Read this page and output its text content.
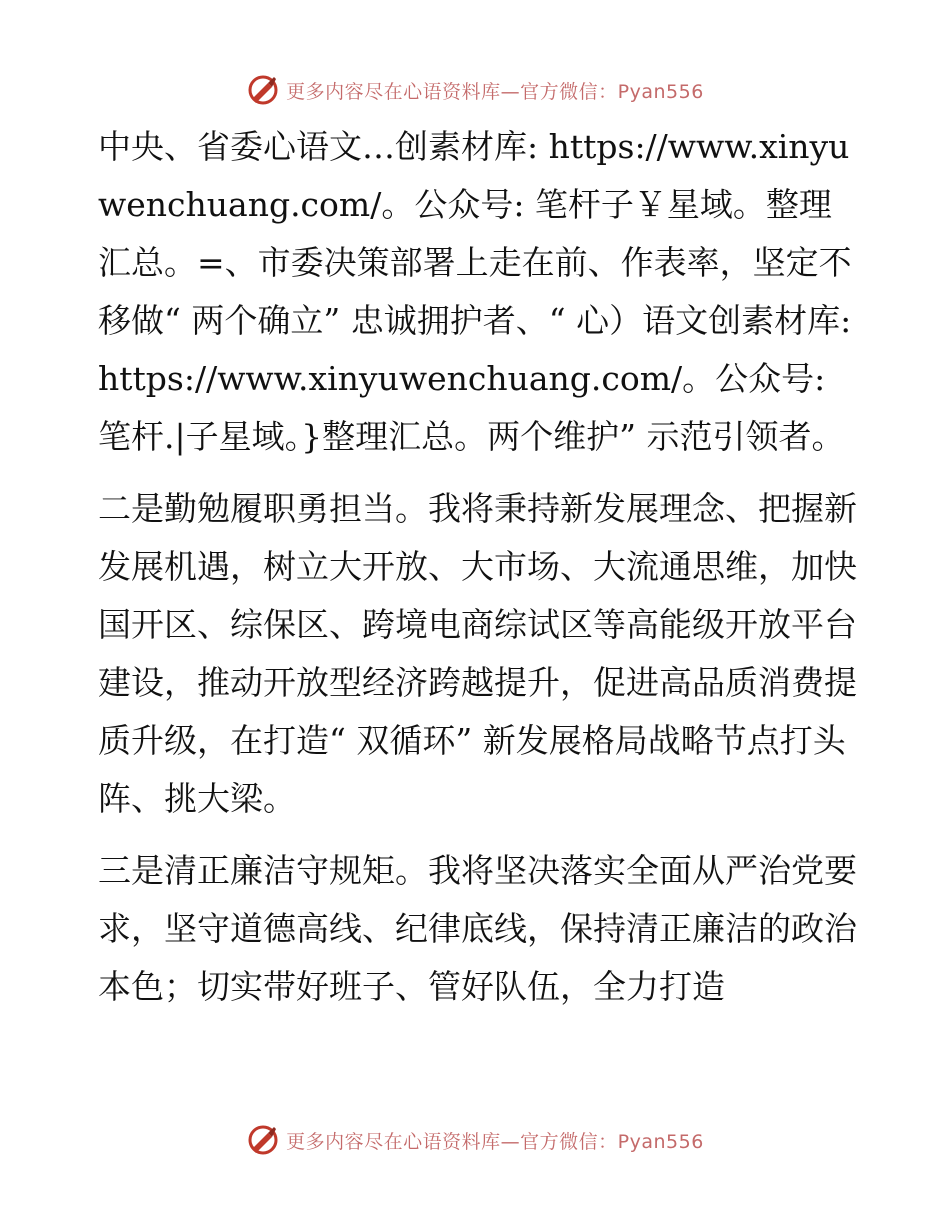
更多内容尽在心语资料库—官方微信：Pyan556

中央、省委心语文…创素材库: https://www.xinyuwenchuang.com/。公众号: 笔杆子￥星域。整理汇总。=、市委决策部署上走在前、作表率，坚定不移做“ 两个确立” 忠诚拥护者、“ 心）语文创素材库: https://www.xinyuwenchuang.com/。公众号: 笔杆.|子星域。}整理汇总。两个维护” 示范引领者。

二是勤勉履职勇担当。我将秉持新发展理念、把握新发展机遇，树立大开放、大市场、大流通思维，加快国开区、综保区、跨境电商综试区等高能级开放平台建设，推动开放型经济跨越提升，促进高品质消费提质升级，在打造“ 双循环” 新发展格局战略节点打头阵、挑大梁。

三是清正廉洁守规矩。我将坚决落实全面从严治党要求，坚守道德高线、纪律底线，保持清正廉洁的政治本色；切实带好班子、管好队伍，全力打造

更多内容尽在心语资料库—官方微信：Pyan556
